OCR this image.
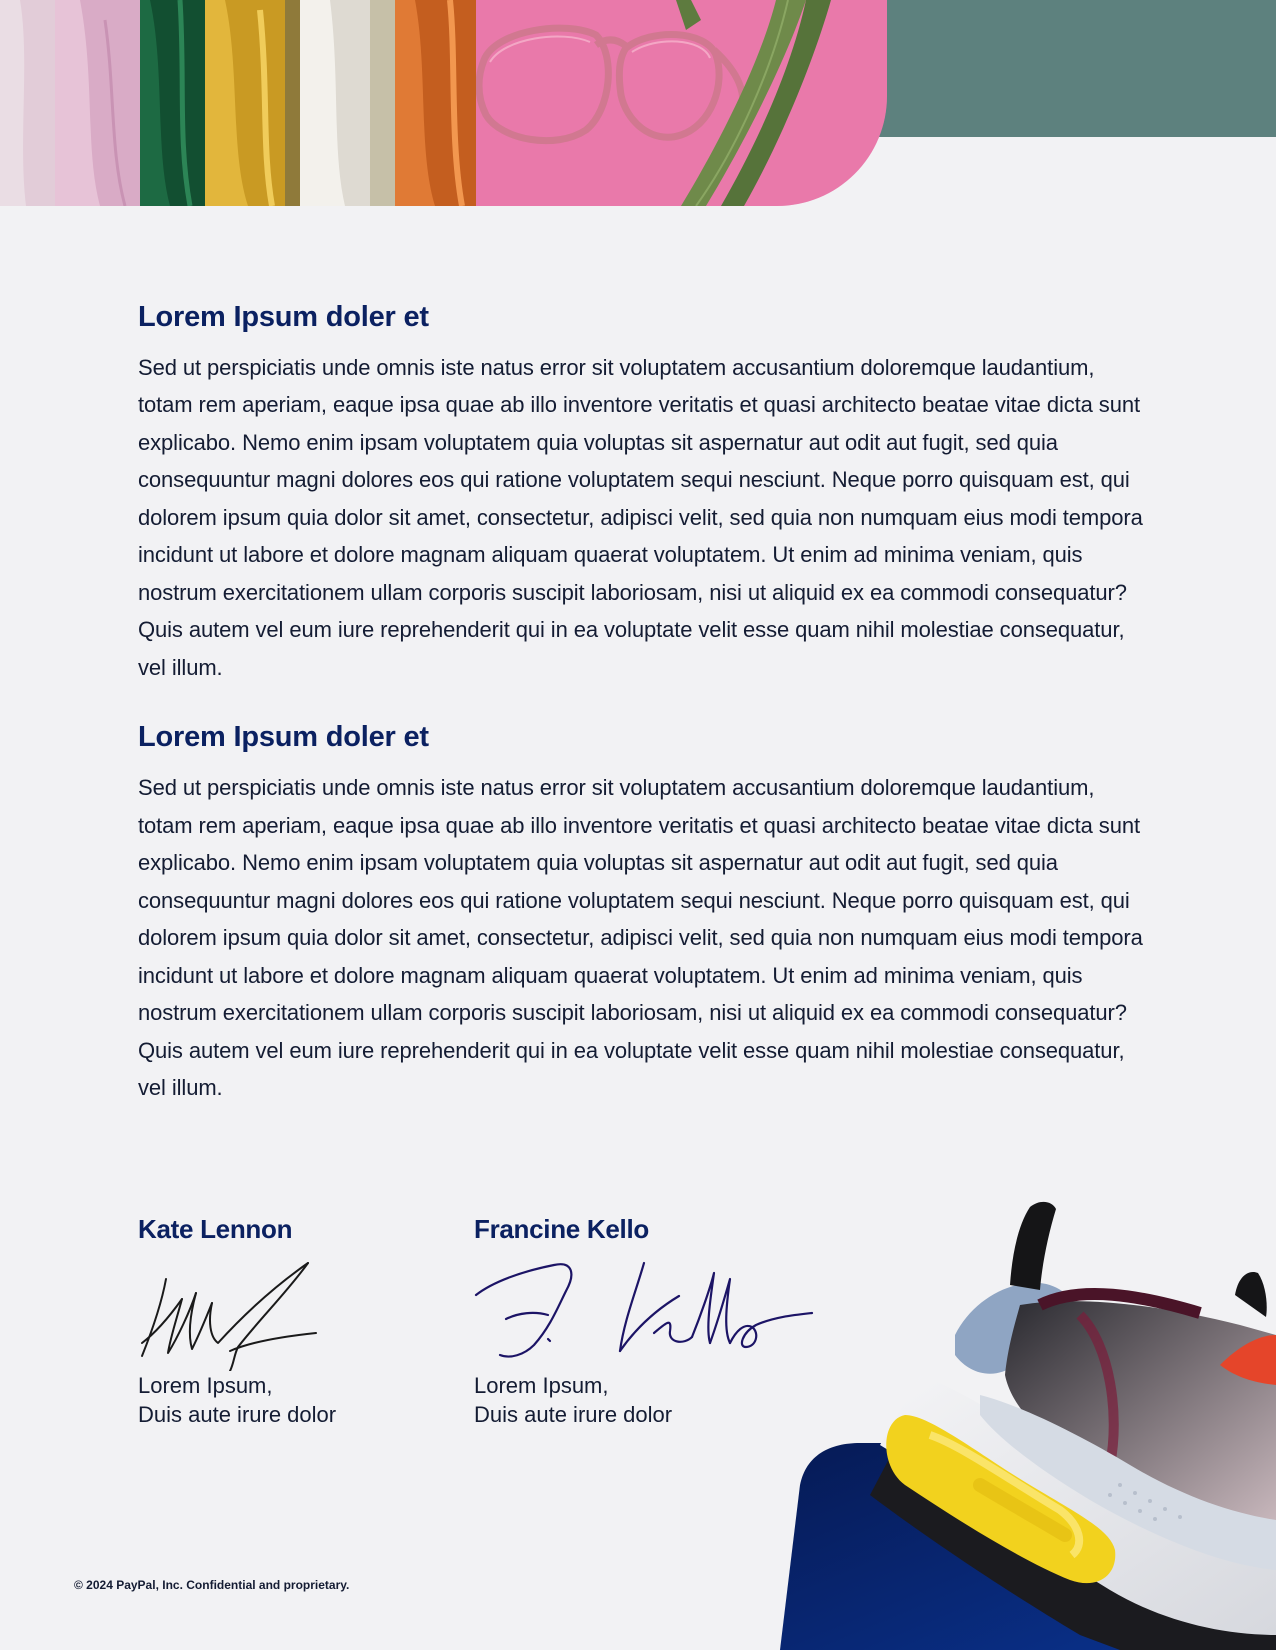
Lorem Ipsum doler et

Sed ut perspiciatis unde omnis iste natus error sit voluptatem accusantium doloremque laudantium, totam rem aperiam, eaque ipsa quae ab illo inventore veritatis et quasi architecto beatae vitae dicta sunt explicabo. Nemo enim ipsam voluptatem quia voluptas sit aspernatur aut odit aut fugit, sed quia consequuntur magni dolores eos qui ratione voluptatem sequi nesciunt. Neque porro quisquam est, qui dolorem ipsum quia dolor sit amet, consectetur, adipisci velit, sed quia non numquam eius modi tempora incidunt ut labore et dolore magnam aliquam quaerat voluptatem. Ut enim ad minima veniam, quis nostrum exercitationem ullam corporis suscipit laboriosam, nisi ut aliquid ex ea commodi consequatur? Quis autem vel eum iure reprehenderit qui in ea voluptate velit esse quam nihil molestiae consequatur, vel illum.

Lorem Ipsum doler et

Sed ut perspiciatis unde omnis iste natus error sit voluptatem accusantium doloremque laudantium, totam rem aperiam, eaque ipsa quae ab illo inventore veritatis et quasi architecto beatae vitae dicta sunt explicabo. Nemo enim ipsam voluptatem quia voluptas sit aspernatur aut odit aut fugit, sed quia consequuntur magni dolores eos qui ratione voluptatem sequi nesciunt. Neque porro quisquam est, qui dolorem ipsum quia dolor sit amet, consectetur, adipisci velit, sed quia non numquam eius modi tempora incidunt ut labore et dolore magnam aliquam quaerat voluptatem. Ut enim ad minima veniam, quis nostrum exercitationem ullam corporis suscipit laboriosam, nisi ut aliquid ex ea commodi consequatur? Quis autem vel eum iure reprehenderit qui in ea voluptate velit esse quam nihil molestiae consequatur, vel illum.

Kate Lennon

Lorem Ipsum,
Duis aute irure dolor

Francine Kello

Lorem Ipsum,
Duis aute irure dolor

© 2024 PayPal, Inc. Confidential and proprietary.
